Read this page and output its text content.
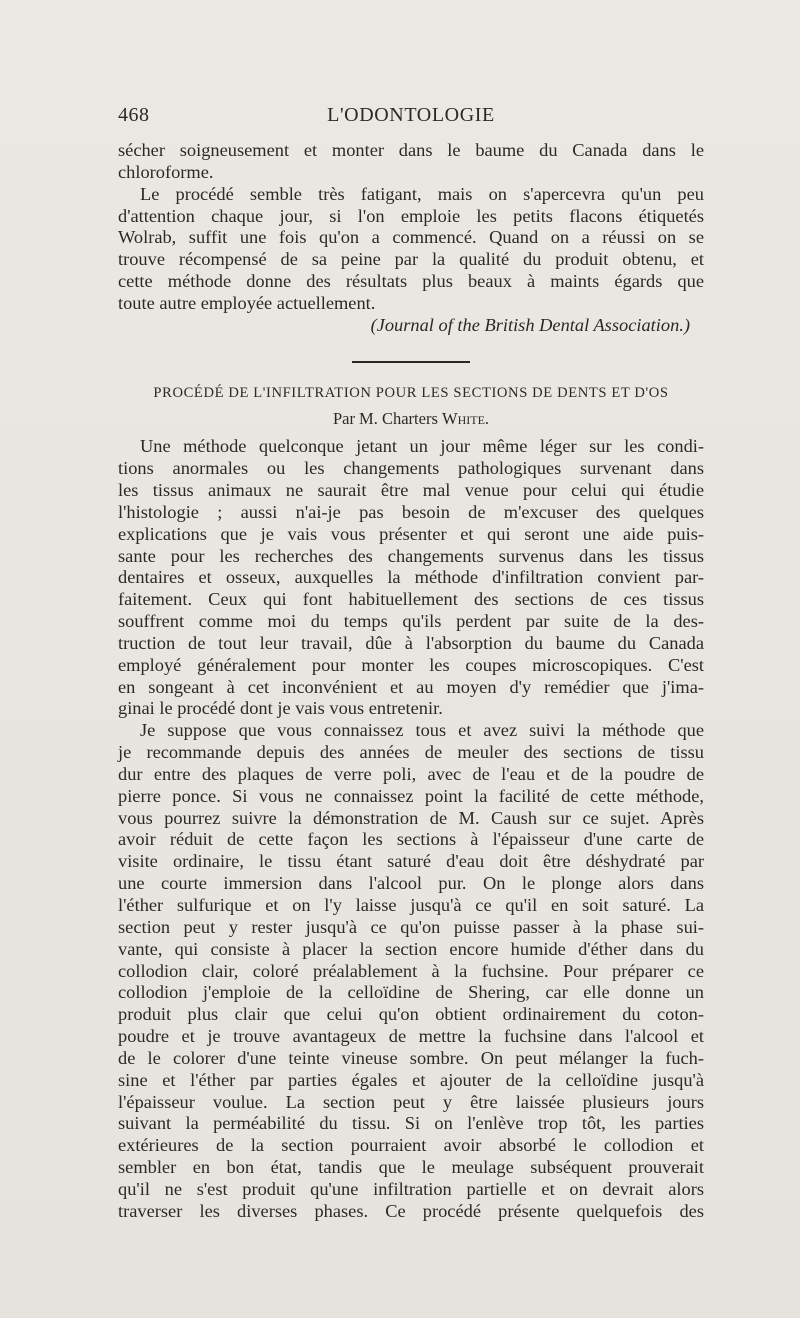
468	L'ODONTOLOGIE

sécher soigneusement et monter dans le baume du Canada dans le
chloroforme.

Le procédé semble très fatigant, mais on s'apercevra qu'un peu
d'attention chaque jour, si l'on emploie les petits flacons étiquetés
Wolrab, suffit une fois qu'on a commencé. Quand on a réussi on se
trouve récompensé de sa peine par la qualité du produit obtenu, et
cette méthode donne des résultats plus beaux à maints égards que
toute autre employée actuellement.

(Journal of the British Dental Association.)
PROCÉDÉ DE L'INFILTRATION POUR LES SECTIONS DE DENTS ET D'OS
Par M. Charters White.

Une méthode quelconque jetant un jour même léger sur les condi-
tions anormales ou les changements pathologiques survenant dans
les tissus animaux ne saurait être mal venue pour celui qui étudie
l'histologie ; aussi n'ai-je pas besoin de m'excuser des quelques
explications que je vais vous présenter et qui seront une aide puis-
sante pour les recherches des changements survenus dans les tissus
dentaires et osseux, auxquelles la méthode d'infiltration convient par-
faitement. Ceux qui font habituellement des sections de ces tissus
souffrent comme moi du temps qu'ils perdent par suite de la des-
truction de tout leur travail, dûe à l'absorption du baume du Canada
employé généralement pour monter les coupes microscopiques. C'est
en songeant à cet inconvénient et au moyen d'y remédier que j'ima-
ginai le procédé dont je vais vous entretenir.

Je suppose que vous connaissez tous et avez suivi la méthode que
je recommande depuis des années de meuler des sections de tissu
dur entre des plaques de verre poli, avec de l'eau et de la poudre de
pierre ponce. Si vous ne connaissez point la facilité de cette méthode,
vous pourrez suivre la démonstration de M. Caush sur ce sujet. Après
avoir réduit de cette façon les sections à l'épaisseur d'une carte de
visite ordinaire, le tissu étant saturé d'eau doit être déshydraté par
une courte immersion dans l'alcool pur. On le plonge alors dans
l'éther sulfurique et on l'y laisse jusqu'à ce qu'il en soit saturé. La
section peut y rester jusqu'à ce qu'on puisse passer à la phase sui-
vante, qui consiste à placer la section encore humide d'éther dans du
collodion clair, coloré préalablement à la fuchsine. Pour préparer ce
collodion j'emploie de la celloïdine de Shering, car elle donne un
produit plus clair que celui qu'on obtient ordinairement du coton-
poudre et je trouve avantageux de mettre la fuchsine dans l'alcool et
de le colorer d'une teinte vineuse sombre. On peut mélanger la fuch-
sine et l'éther par parties égales et ajouter de la celloïdine jusqu'à
l'épaisseur voulue. La section peut y être laissée plusieurs jours
suivant la perméabilité du tissu. Si on l'enlève trop tôt, les parties
extérieures de la section pourraient avoir absorbé le collodion et
sembler en bon état, tandis que le meulage subséquent prouverait
qu'il ne s'est produit qu'une infiltration partielle et on devrait alors
traverser les diverses phases. Ce procédé présente quelquefois des
